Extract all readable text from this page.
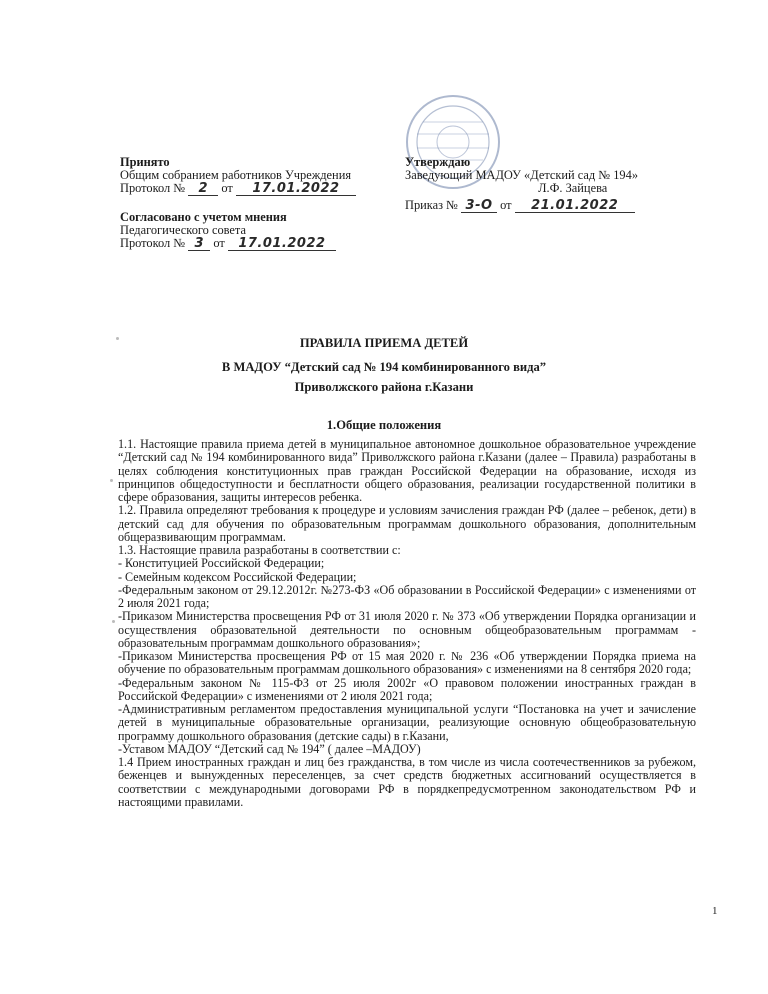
Принято
Общим собранием работников Учреждения
Протокол № 2 от 17.01.2022
Согласовано с учетом мнения
Педагогического совета
Протокол № 3 от 17.01.2022
Утверждаю
Заведующий МАДОУ «Детский сад № 194»
Л.Ф. Зайцева
Приказ № 3-О от 21.01.2022
ПРАВИЛА ПРИЕМА ДЕТЕЙ
В МАДОУ “Детский сад № 194 комбинированного вида”
Приволжского района г.Казани
1.Общие положения

1.1. Настоящие правила приема детей в муниципальное автономное дошкольное образовательное учреждение “Детский сад № 194 комбинированного вида” Приволжского района г.Казани (далее – Правила) разработаны в целях соблюдения конституционных прав граждан Российской Федерации на образование, исходя из принципов общедоступности и бесплатности общего образования, реализации государственной политики в сфере образования, защиты интересов ребенка.

1.2. Правила определяют требования к процедуре и условиям зачисления граждан РФ (далее – ребенок, дети) в детский сад для обучения по образовательным программам дошкольного образования, дополнительным общеразвивающим программам.

1.3. Настоящие правила разработаны в соответствии с:

- Конституцией Российской Федерации;

- Семейным кодексом Российской Федерации;

-Федеральным законом от 29.12.2012г. №273-ФЗ «Об образовании в Российской Федерации» с изменениями от 2 июля 2021 года;

-Приказом Министерства просвещения РФ от 31 июля 2020 г. № 373 «Об утверждении Порядка организации и осуществления образовательной деятельности по основным общеобразовательным программам - образовательным программам дошкольного образования»;

-Приказом Министерства просвещения РФ от 15 мая 2020 г. № 236 «Об утверждении Порядка приема на обучение по образовательным программам дошкольного образования» с изменениями на 8 сентября 2020 года;

-Федеральным законом № 115-ФЗ от 25 июля 2002г «О правовом положении иностранных граждан в Российской Федерации» с изменениями от 2 июля 2021 года;

-Административным регламентом предоставления муниципальной услуги “Постановка на учет и зачисление детей в муниципальные образовательные организации, реализующие основную общеобразовательную программу дошкольного образования (детские сады) в г.Казани,

-Уставом МАДОУ “Детский сад № 194” ( далее –МАДОУ)

1.4 Прием иностранных граждан и лиц без гражданства, в том числе из числа соотечественников за рубежом, беженцев и вынужденных переселенцев, за счет средств бюджетных ассигнований осуществляется в соответствии с международными договорами РФ в порядкепредусмотренном законодательством РФ и настоящими правилами.

1
